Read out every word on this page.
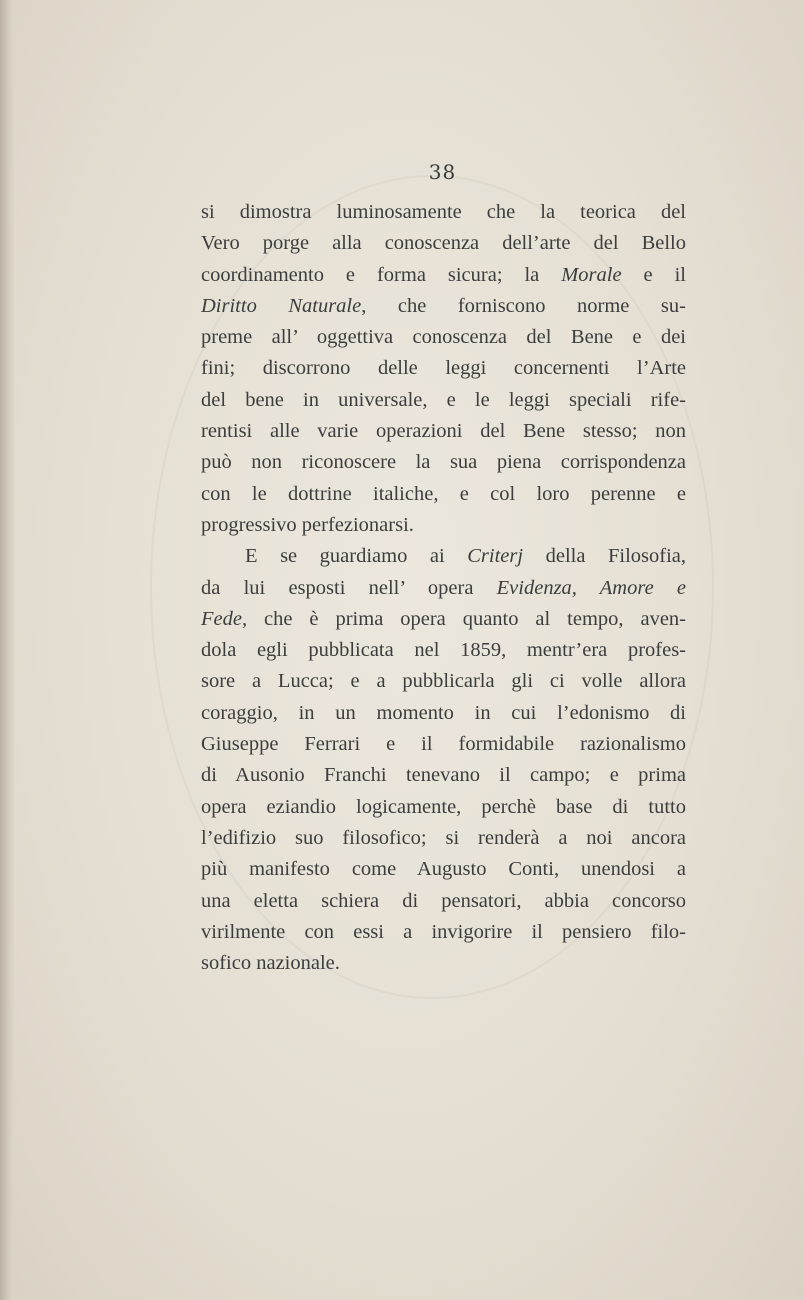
38
si dimostra luminosamente che la teorica del
Vero porge alla conoscenza dell’arte del Bello
coordinamento e forma sicura; la Morale e il
Diritto Naturale, che forniscono norme su-
preme all’ oggettiva conoscenza del Bene e dei
fini; discorrono delle leggi concernenti l’Arte
del bene in universale, e le leggi speciali rife-
rentisi alle varie operazioni del Bene stesso; non
può non riconoscere la sua piena corrispondenza
con le dottrine italiche, e col loro perenne e
progressivo perfezionarsi.
E se guardiamo ai Criterj della Filosofia,
da lui esposti nell’ opera Evidenza, Amore e
Fede, che è prima opera quanto al tempo, aven-
dola egli pubblicata nel 1859, mentr’era profes-
sore a Lucca; e a pubblicarla gli ci volle allora
coraggio, in un momento in cui l’edonismo di
Giuseppe Ferrari e il formidabile razionalismo
di Ausonio Franchi tenevano il campo; e prima
opera eziandio logicamente, perchè base di tutto
l’edifizio suo filosofico; si renderà a noi ancora
più manifesto come Augusto Conti, unendosi a
una eletta schiera di pensatori, abbia concorso
virilmente con essi a invigorire il pensiero filo-
sofico nazionale.
